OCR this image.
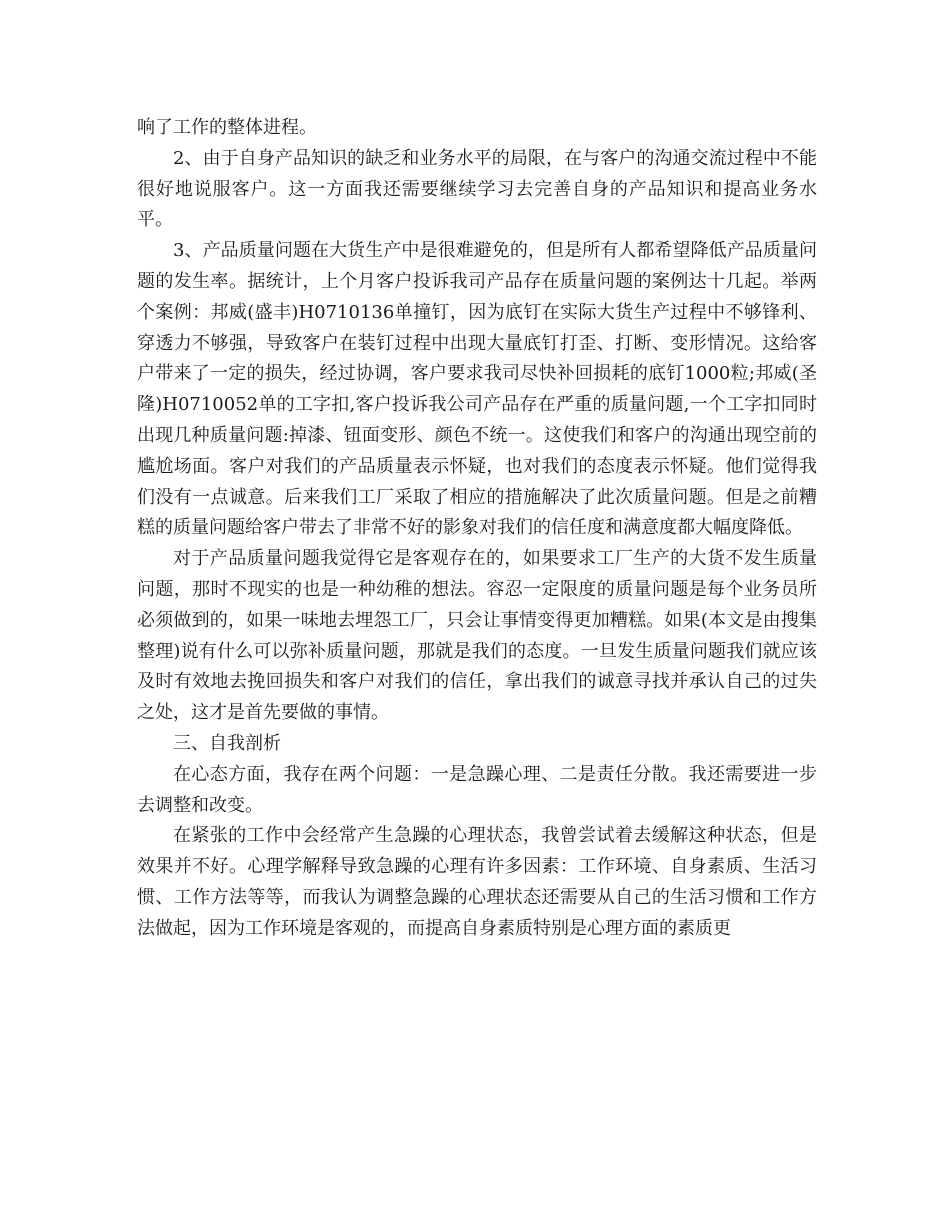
响了工作的整体进程。

2、由于自身产品知识的缺乏和业务水平的局限，在与客户的沟通交流过程中不能很好地说服客户。这一方面我还需要继续学习去完善自身的产品知识和提高业务水平。

3、产品质量问题在大货生产中是很难避免的，但是所有人都希望降低产品质量问题的发生率。据统计，上个月客户投诉我司产品存在质量问题的案例达十几起。举两个案例：邦威(盛丰)H0710136单撞钉，因为底钉在实际大货生产过程中不够锋利、穿透力不够强，导致客户在装钉过程中出现大量底钉打歪、打断、变形情况。这给客户带来了一定的损失，经过协调，客户要求我司尽快补回损耗的底钉1000粒;邦威(圣隆)H0710052单的工字扣,客户投诉我公司产品存在严重的质量问题,一个工字扣同时出现几种质量问题:掉漆、钮面变形、颜色不统一。这使我们和客户的沟通出现空前的尴尬场面。客户对我们的产品质量表示怀疑，也对我们的态度表示怀疑。他们觉得我们没有一点诚意。后来我们工厂采取了相应的措施解决了此次质量问题。但是之前糟糕的质量问题给客户带去了非常不好的影象对我们的信任度和满意度都大幅度降低。

对于产品质量问题我觉得它是客观存在的，如果要求工厂生产的大货不发生质量问题，那时不现实的也是一种幼稚的想法。容忍一定限度的质量问题是每个业务员所必须做到的，如果一味地去埋怨工厂，只会让事情变得更加糟糕。如果(本文是由搜集整理)说有什么可以弥补质量问题，那就是我们的态度。一旦发生质量问题我们就应该及时有效地去挽回损失和客户对我们的信任，拿出我们的诚意寻找并承认自己的过失之处，这才是首先要做的事情。

三、自我剖析

在心态方面，我存在两个问题：一是急躁心理、二是责任分散。我还需要进一步去调整和改变。

在紧张的工作中会经常产生急躁的心理状态，我曾尝试着去缓解这种状态，但是效果并不好。心理学解释导致急躁的心理有许多因素：工作环境、自身素质、生活习惯、工作方法等等，而我认为调整急躁的心理状态还需要从自己的生活习惯和工作方法做起，因为工作环境是客观的，而提高自身素质特别是心理方面的素质更
